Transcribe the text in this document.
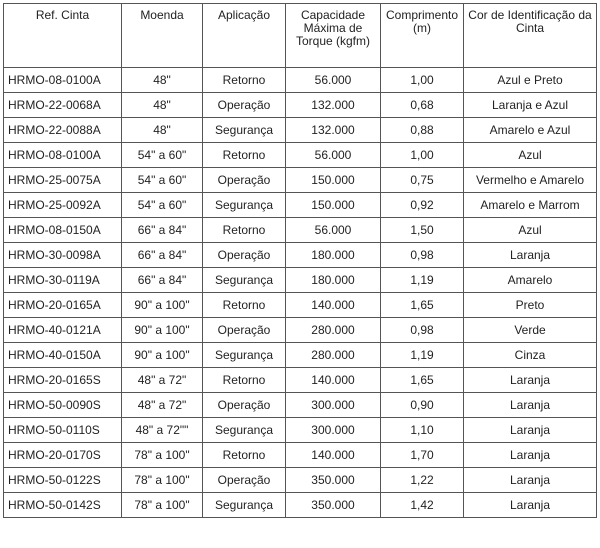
Ref. Cinta	Moenda	Aplicação	Capacidade Máxima de Torque (kgfm)	Comprimento (m)	Cor de Identificação da Cinta
HRMO-08-0100A	48"	Retorno	56.000	1,00	Azul e Preto
HRMO-22-0068A	48"	Operação	132.000	0,68	Laranja e Azul
HRMO-22-0088A	48"	Segurança	132.000	0,88	Amarelo e Azul
HRMO-08-0100A	54" a 60"	Retorno	56.000	1,00	Azul
HRMO-25-0075A	54" a 60"	Operação	150.000	0,75	Vermelho e Amarelo
HRMO-25-0092A	54" a 60"	Segurança	150.000	0,92	Amarelo e Marrom
HRMO-08-0150A	66" a 84"	Retorno	56.000	1,50	Azul
HRMO-30-0098A	66" a 84"	Operação	180.000	0,98	Laranja
HRMO-30-0119A	66" a 84"	Segurança	180.000	1,19	Amarelo
HRMO-20-0165A	90" a 100"	Retorno	140.000	1,65	Preto
HRMO-40-0121A	90" a 100"	Operação	280.000	0,98	Verde
HRMO-40-0150A	90" a 100"	Segurança	280.000	1,19	Cinza
HRMO-20-0165S	48" a 72"	Retorno	140.000	1,65	Laranja
HRMO-50-0090S	48" a 72"	Operação	300.000	0,90	Laranja
HRMO-50-0110S	48" a 72""	Segurança	300.000	1,10	Laranja
HRMO-20-0170S	78" a 100"	Retorno	140.000	1,70	Laranja
HRMO-50-0122S	78" a 100"	Operação	350.000	1,22	Laranja
HRMO-50-0142S	78" a 100"	Segurança	350.000	1,42	Laranja
